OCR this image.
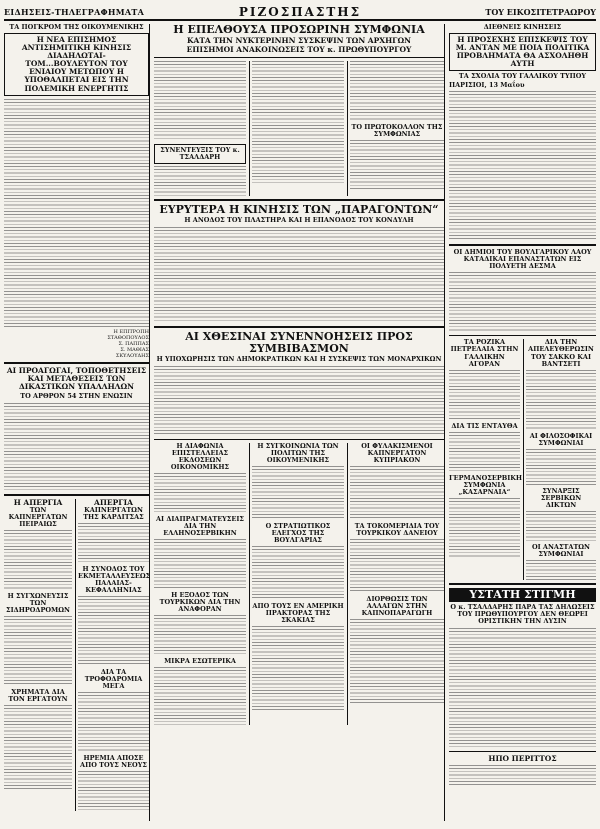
ΕΙΔΗΣΕΙΣ-ΤΗΛΕΓΡΑΦΗΜΑΤΑ	ΡΙΖΟΣΠΑΣΤΗΣ	ΤΟΥ ΕΙΚΟΣΙΤΕΤΡΑΩΡΟΥ
ΤΑ ΠΟΓΚΡΟΜ ΤΗΣ ΟΙΚΟΥΜΕΝΙΚΗΣ
Η ΝΕΑ ΕΠΙΣΗΜΟΣ ΑΝΤΙΣΗΜΙΤΙΚΗ ΚΙΝΗΣΙΣ ΔΙΑΔΗΛΩΤΑΙ-ΤΟΜ...ΒΟΥΛΕΥΤΟΝ ΤΟΥ ΕΝΙΑΙΟΥ ΜΕΤΩΠΟΥ Η ΥΠΟΘΑΛΠΕΤΑΙ ΕΙΣ ΤΗΝ ΠΟΛΕΜΙΚΗ ΕΝΕΡΓΗΤΙΣ
Η ΕΠΙΤΡΟΠΗ
ΣΤΑΘΟΠΟΥΛΟΣ
Σ. ΠΑΠΠΑΣ
Σ. ΜΑΘΙΑΣ
ΣΚΥΛΟΥΔΗΣ
ΑΙ ΠΡΟΑΓΩΓΑΙ, ΤΟΠΟΘΕΤΗΣΕΙΣ ΚΑΙ ΜΕΤΑΘΕΣΕΙΣ ΤΩΝ ΔΙΚΑΣΤΙΚΩΝ ΥΠΑΛΛΗΛΩΝ
ΤΟ ΑΡΘΡΟΝ 54 ΣΤΗΝ ΕΝΩΣΙΝ
Η ΑΠΕΡΓΙΑ
ΤΩΝ ΚΑΠΝΕΡΓΑΤΩΝ ΠΕΙΡΑΙΩΣ
Η ΣΥΓΧΩΝΕΥΣΙΣ ΤΩΝ ΣΙΔΗΡΟΔΡΟΜΩΝ
ΧΡΗΜΑΤΑ ΔΙΑ ΤΟΝ ΕΡΓΑΤΟΥΝ
ΑΠΕΡΓΙΑ
ΚΑΠΝΕΡΓΑΤΩΝ ΤΗΣ ΚΑΡΔΙΤΣΑΣ
Η ΣΥΝΟΔΟΣ ΤΟΥ ΕΚΜΕΤΑΛΛΕΥΣΕΩΣ
ΠΑΛΑΙΑΣ-ΚΕΦΑΛΛΗΝΙΑΣ
ΔΙΑ ΤΑ ΤΡΟΦΟΔΡΟΜΙΑ ΜΕΓΑ
ΗΡΕΜΙΑ ΑΠΟΣΕ ΑΠΟ ΤΟΥΣ ΝΕΟΥΣ
Η ΕΠΕΛΘΟΥΣΑ ΠΡΟΣΩΡΙΝΗ ΣΥΜΦΩΝΙΑ
ΚΑΤΑ ΤΗΝ ΝΥΚΤΕΡΙΝΗΝ ΣΥΣΚΕΨΙΝ ΤΩΝ ΑΡΧΗΓΩΝ
ΕΠΙΣΗΜΟΙ ΑΝΑΚΟΙΝΩΣΕΙΣ ΤΟΥ κ. ΠΡΩΘΥΠΟΥΡΓΟΥ
ΣΥΝΕΝΤΕΥΞΙΣ ΤΟΥ κ. ΤΣΑΛΔΑΡΗ
ΤΟ ΠΡΩΤΟΚΟΛΛΟΝ ΤΗΣ ΣΥΜΦΩΝΙΑΣ
ΕΥΡΥΤΕΡΑ Η ΚΙΝΗΣΙΣ ΤΩΝ „ΠΑΡΑΓΟΝΤΩΝ“
Η ΑΝΟΔΟΣ ΤΟΥ ΠΛΑΣΤΗΡΑ ΚΑΙ Η ΕΠΑΝΟΔΟΣ ΤΟΥ ΚΟΝΔΥΛΗ
ΑΙ ΧΘΕΣΙΝΑΙ ΣΥΝΕΝΝΟΗΣΕΙΣ ΠΡΟΣ ΣΥΜΒΙΒΑΣΜΟΝ
Η ΥΠΟΧΩΡΗΣΙΣ ΤΩΝ ΔΗΜΟΚΡΑΤΙΚΩΝ ΚΑΙ Η ΣΥΣΚΕΨΙΣ ΤΩΝ ΜΟΝΑΡΧΙΚΩΝ
Η ΔΙΑΦΩΝΙΑ ΕΠΙΣΤΕΛΛΕΙΑΣ ΕΚΔΟΣΕΩΝ ΟΙΚΟΝΟΜΙΚΗΣ
ΑΙ ΔΙΑΠΡΑΓΜΑΤΕΥΣΕΙΣ ΔΙΑ ΤΗΝ ΕΛΛΗΝΟΣΕΡΒΙΚΗΝ
Η ΕΞΟΔΟΣ ΤΩΝ ΤΟΥΡΚΙΚΩΝ ΔΙΑ ΤΗΝ ΑΝΑΦΟΡΑΝ
ΜΙΚΡΑ ΕΣΩΤΕΡΙΚΑ
Η ΣΥΓΚΟΙΝΩΝΙΑ ΤΩΝ ΠΟΛΙΤΩΝ ΤΗΣ ΟΙΚΟΥΜΕΝΙΚΗΣ
Ο ΣΤΡΑΤΙΩΤΙΚΟΣ ΕΛΕΓΧΟΣ ΤΗΣ ΒΟΥΛΓΑΡΙΑΣ
ΑΠΟ ΤΟΥΣ ΕΝ ΑΜΕΡΙΚΗ ΠΡΑΚΤΟΡΑΣ ΤΗΣ ΣΚΑΚΙΑΣ
ΟΙ ΦΥΛΑΚΙΣΜΕΝΟΙ ΚΑΠΝΕΡΓΑΤΟΝ ΚΥΠΡΙΑΚΟΝ
ΤΑ ΤΟΚΟΜΕΡΙΔΙΑ ΤΟΥ ΤΟΥΡΚΙΚΟΥ ΔΑΝΕΙΟΥ
ΔΙΟΡΘΩΣΙΣ ΤΩΝ ΑΛΛΑΓΩΝ ΣΤΗΝ ΚΑΠΝΟΠΑΡΑΓΩΓΗ
ΔΙΕΘΝΕΙΣ ΚΙΝΗΣΕΙΣ
Η ΠΡΟΣΕΧΗΣ ΕΠΙΣΚΕΨΙΣ ΤΟΥ Μ. ΑΝΤΑΝ ΜΕ ΠΟΙΑ ΠΟΛΙΤΙΚΑ ΠΡΟΒΛΗΜΑΤΑ ΘΑ ΑΣΧΟΛΗΘΗ ΑΥΤΗ
ΤΑ ΣΧΟΛΙΑ ΤΟΥ ΓΑΛΛΙΚΟΥ ΤΥΠΟΥ
ΠΑΡΙΣΙΟΙ, 13 Μαΐου
ΟΙ ΔΗΜΙΟΙ ΤΟΥ ΒΟΥΛΓΑΡΙΚΟΥ ΛΑΟΥ ΚΑΤΑΔΙΚΑΙ ΕΠΑΝΑΣΤΑΤΩΝ ΕΙΣ ΠΟΛΥΕΤΗ ΔΕΣΜΑ
ΤΑ ΡΟΖΙΚΑ ΠΕΤΡΕΛΑΙΑ ΣΤΗΝ ΓΑΛΛΙΚΗΝ ΑΓΟΡΑΝ
ΔΙΑ ΤΙΣ ΕΝΤΑΥΘΑ
ΓΕΡΜΑΝΟΣΕΡΒΙΚΗ ΣΥΜΦΩΝΙΑ „ΚΑΣΑΡΝΑΙΑ“
ΔΙΑ ΤΗΝ ΑΠΕΛΕΥΘΕΡΩΣΙΝ ΤΟΥ ΣΑΚΚΟ ΚΑΙ ΒΑΝΤΣΕΤΙ
ΑΙ ΦΙΛΟΣΟΦΙΚΑΙ ΣΥΜΦΩΝΙΑΙ
ΣΥΝΑΡΞΙΣ ΣΕΡΒΙΚΩΝ ΔΙΚΤΩΝ
ΟΙ ΑΝΑΣΤΑΤΩΝ ΣΥΜΦΩΝΙΑΙ
ΥΣΤΑΤΗ ΣΤΙΓΜΗ
Ο κ. ΤΣΑΛΔΑΡΗΣ ΠΑΡΑ ΤΑΣ ΔΗΛΩΣΕΙΣ ΤΟΥ ΠΡΩΘΥΠΟΥΡΓΟΥ ΔΕΝ ΘΕΩΡΕΙ ΟΡΙΣΤΙΚΗΝ ΤΗΝ ΛΥΣΙΝ
ΗΠΟ ΠΕΡΙΤΤΟΣ
